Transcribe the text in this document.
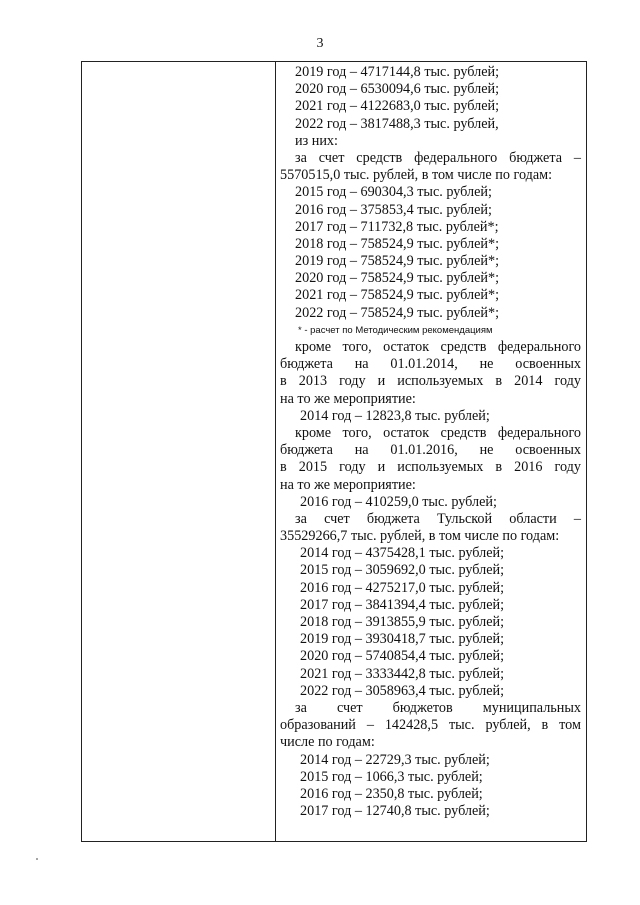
3
2019 год – 4717144,8 тыс. рублей;
2020 год – 6530094,6 тыс. рублей;
2021 год – 4122683,0 тыс. рублей;
2022 год – 3817488,3 тыс. рублей,
из них:
за счет средств федерального бюджета –
5570515,0 тыс. рублей, в том числе по годам:
2015 год – 690304,3 тыс. рублей;
2016 год – 375853,4 тыс. рублей;
2017 год – 711732,8 тыс. рублей*;
2018 год – 758524,9 тыс. рублей*;
2019 год – 758524,9 тыс. рублей*;
2020 год – 758524,9 тыс. рублей*;
2021 год – 758524,9 тыс. рублей*;
2022 год – 758524,9 тыс. рублей*;
* - расчет по Методическим рекомендациям
кроме того, остаток средств федерального
бюджета на 01.01.2014, не освоенных
в 2013 году и используемых в 2014 году
на то же мероприятие:
2014 год – 12823,8 тыс. рублей;
кроме того, остаток средств федерального
бюджета на 01.01.2016, не освоенных
в 2015 году и используемых в 2016 году
на то же мероприятие:
2016 год – 410259,0 тыс. рублей;
за счет бюджета Тульской области –
35529266,7 тыс. рублей, в том числе по годам:
2014 год – 4375428,1 тыс. рублей;
2015 год – 3059692,0 тыс. рублей;
2016 год – 4275217,0 тыс. рублей;
2017 год – 3841394,4 тыс. рублей;
2018 год – 3913855,9 тыс. рублей;
2019 год – 3930418,7 тыс. рублей;
2020 год – 5740854,4 тыс. рублей;
2021 год – 3333442,8 тыс. рублей;
2022 год – 3058963,4 тыс. рублей;
за счет бюджетов муниципальных
образований – 142428,5 тыс. рублей, в том
числе по годам:
2014 год – 22729,3 тыс. рублей;
2015 год – 1066,3 тыс. рублей;
2016 год – 2350,8 тыс. рублей;
2017 год – 12740,8 тыс. рублей;
